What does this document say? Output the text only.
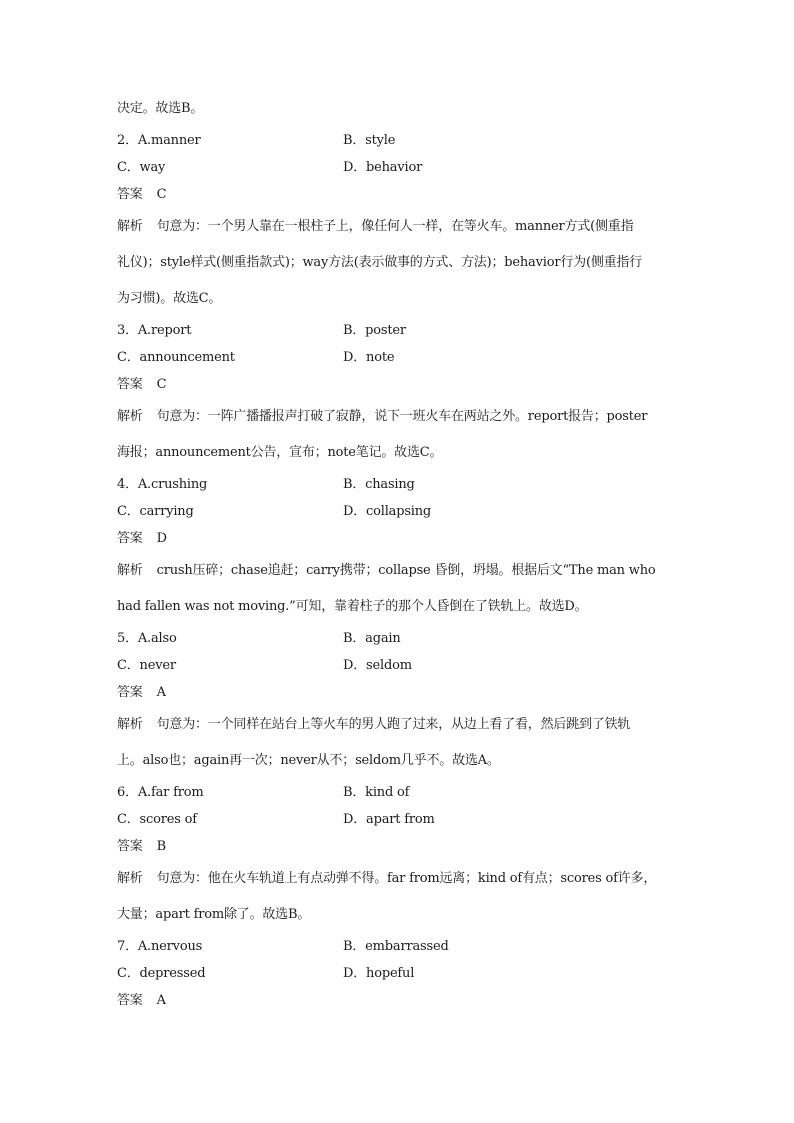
决定。故选B。
2．A.manner	B．style
C．way	D．behavior
答案 C
解析 句意为：一个男人靠在一根柱子上，像任何人一样，在等火车。manner方式(侧重指
礼仪)；style样式(侧重指款式)；way方法(表示做事的方式、方法)；behavior行为(侧重指行
为习惯)。故选C。
3．A.report	B．poster
C．announcement	D．note
答案 C
解析 句意为：一阵广播播报声打破了寂静，说下一班火车在两站之外。report报告；poster
海报；announcement公告，宣布；note笔记。故选C。
4．A.crushing	B．chasing
C．carrying	D．collapsing
答案 D
解析 crush压碎；chase追赶；carry携带；collapse 昏倒，坍塌。根据后文“The man who
had fallen was not moving.”可知，靠着柱子的那个人昏倒在了铁轨上。故选D。
5．A.also	B．again
C．never	D．seldom
答案 A
解析 句意为：一个同样在站台上等火车的男人跑了过来，从边上看了看，然后跳到了铁轨
上。also也；again再一次；never从不；seldom几乎不。故选A。
6．A.far from	B．kind of
C．scores of	D．apart from
答案 B
解析 句意为：他在火车轨道上有点动弹不得。far from远离；kind of有点；scores of许多，
大量；apart from除了。故选B。
7．A.nervous	B．embarrassed
C．depressed	D．hopeful
答案 A
